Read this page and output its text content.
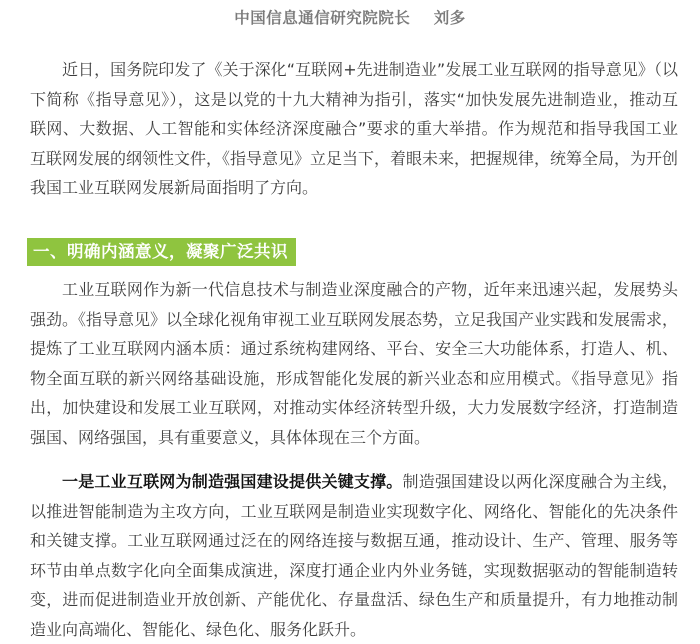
中国信息通信研究院院长    刘多

近日，国务院印发了《关于深化“互联网+先进制造业”发展工业互联网的指导意见》（以下简称《指导意见》），这是以党的十九大精神为指引，落实“加快发展先进制造业，推动互联网、大数据、人工智能和实体经济深度融合”要求的重大举措。作为规范和指导我国工业互联网发展的纲领性文件，《指导意见》立足当下，着眼未来，把握规律，统筹全局，为开创我国工业互联网发展新局面指明了方向。

一、明确内涵意义，凝聚广泛共识

工业互联网作为新一代信息技术与制造业深度融合的产物，近年来迅速兴起，发展势头强劲。《指导意见》以全球化视角审视工业互联网发展态势，立足我国产业实践和发展需求，提炼了工业互联网内涵本质：通过系统构建网络、平台、安全三大功能体系，打造人、机、物全面互联的新兴网络基础设施，形成智能化发展的新兴业态和应用模式。《指导意见》指出，加快建设和发展工业互联网，对推动实体经济转型升级，大力发展数字经济，打造制造强国、网络强国，具有重要意义，具体体现在三个方面。

一是工业互联网为制造强国建设提供关键支撑。制造强国建设以两化深度融合为主线，以推进智能制造为主攻方向，工业互联网是制造业实现数字化、网络化、智能化的先决条件和关键支撑。工业互联网通过泛在的网络连接与数据互通，推动设计、生产、管理、服务等环节由单点数字化向全面集成演进，深度打通企业内外业务链，实现数据驱动的智能制造转变，进而促进制造业开放创新、产能优化、存量盘活、绿色生产和质量提升，有力地推动制造业向高端化、智能化、绿色化、服务化跃升。
